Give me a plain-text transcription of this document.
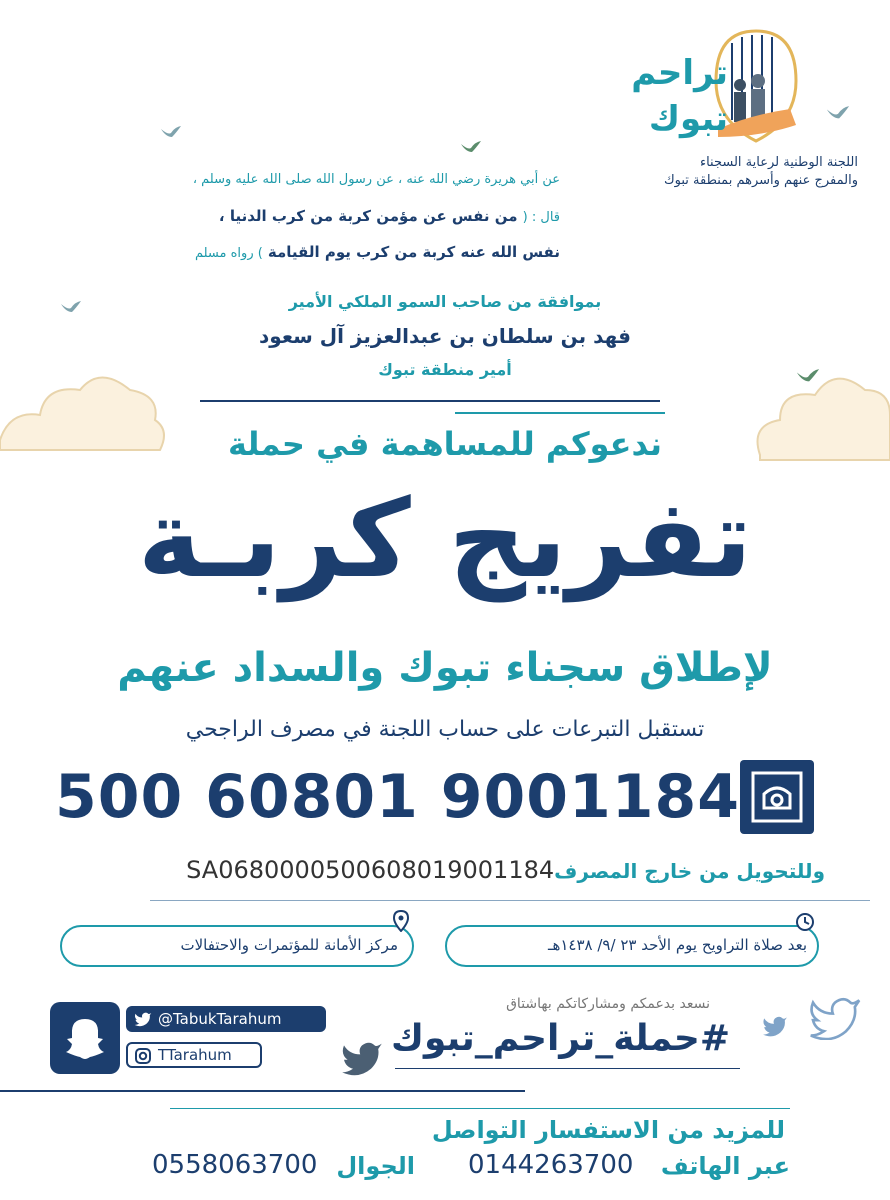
تراحم
تبوك
اللجنة الوطنية لرعاية السجناء
والمفرج عنهم وأسرهم بمنطقة تبوك
عن أبي هريرة رضي الله عنه ، عن رسول الله صلى الله عليه وسلم ،
قال : ( من نفس عن مؤمن كربة من كرب الدنيا ،
نفس الله عنه كربة من كرب يوم القيامة ) رواه مسلم
بموافقة من صاحب السمو الملكي الأمير
فهد بن سلطان بن عبدالعزيز آل سعود
أمير منطقة تبوك
ندعوكم للمساهمة في حملة
تفريج كربـة
لإطلاق سجناء تبوك والسداد عنهم
تستقبل التبرعات على حساب اللجنة في مصرف الراجحي
500 60801 9001184
SA0680000500608019001184وللتحويل من خارج المصرف
بعد صلاة التراويح يوم الأحد ٢٣ /٩/ ١٤٣٨هـ
مركز الأمانة للمؤتمرات والاحتفالات
@TabukTarahum
TTarahum
نسعد بدعمكم ومشاركاتكم بهاشتاق
#حملة_تراحم_تبوك
للمزيد من الاستفسار التواصل
عبر الهاتف
0144263700
الجوال
0558063700
